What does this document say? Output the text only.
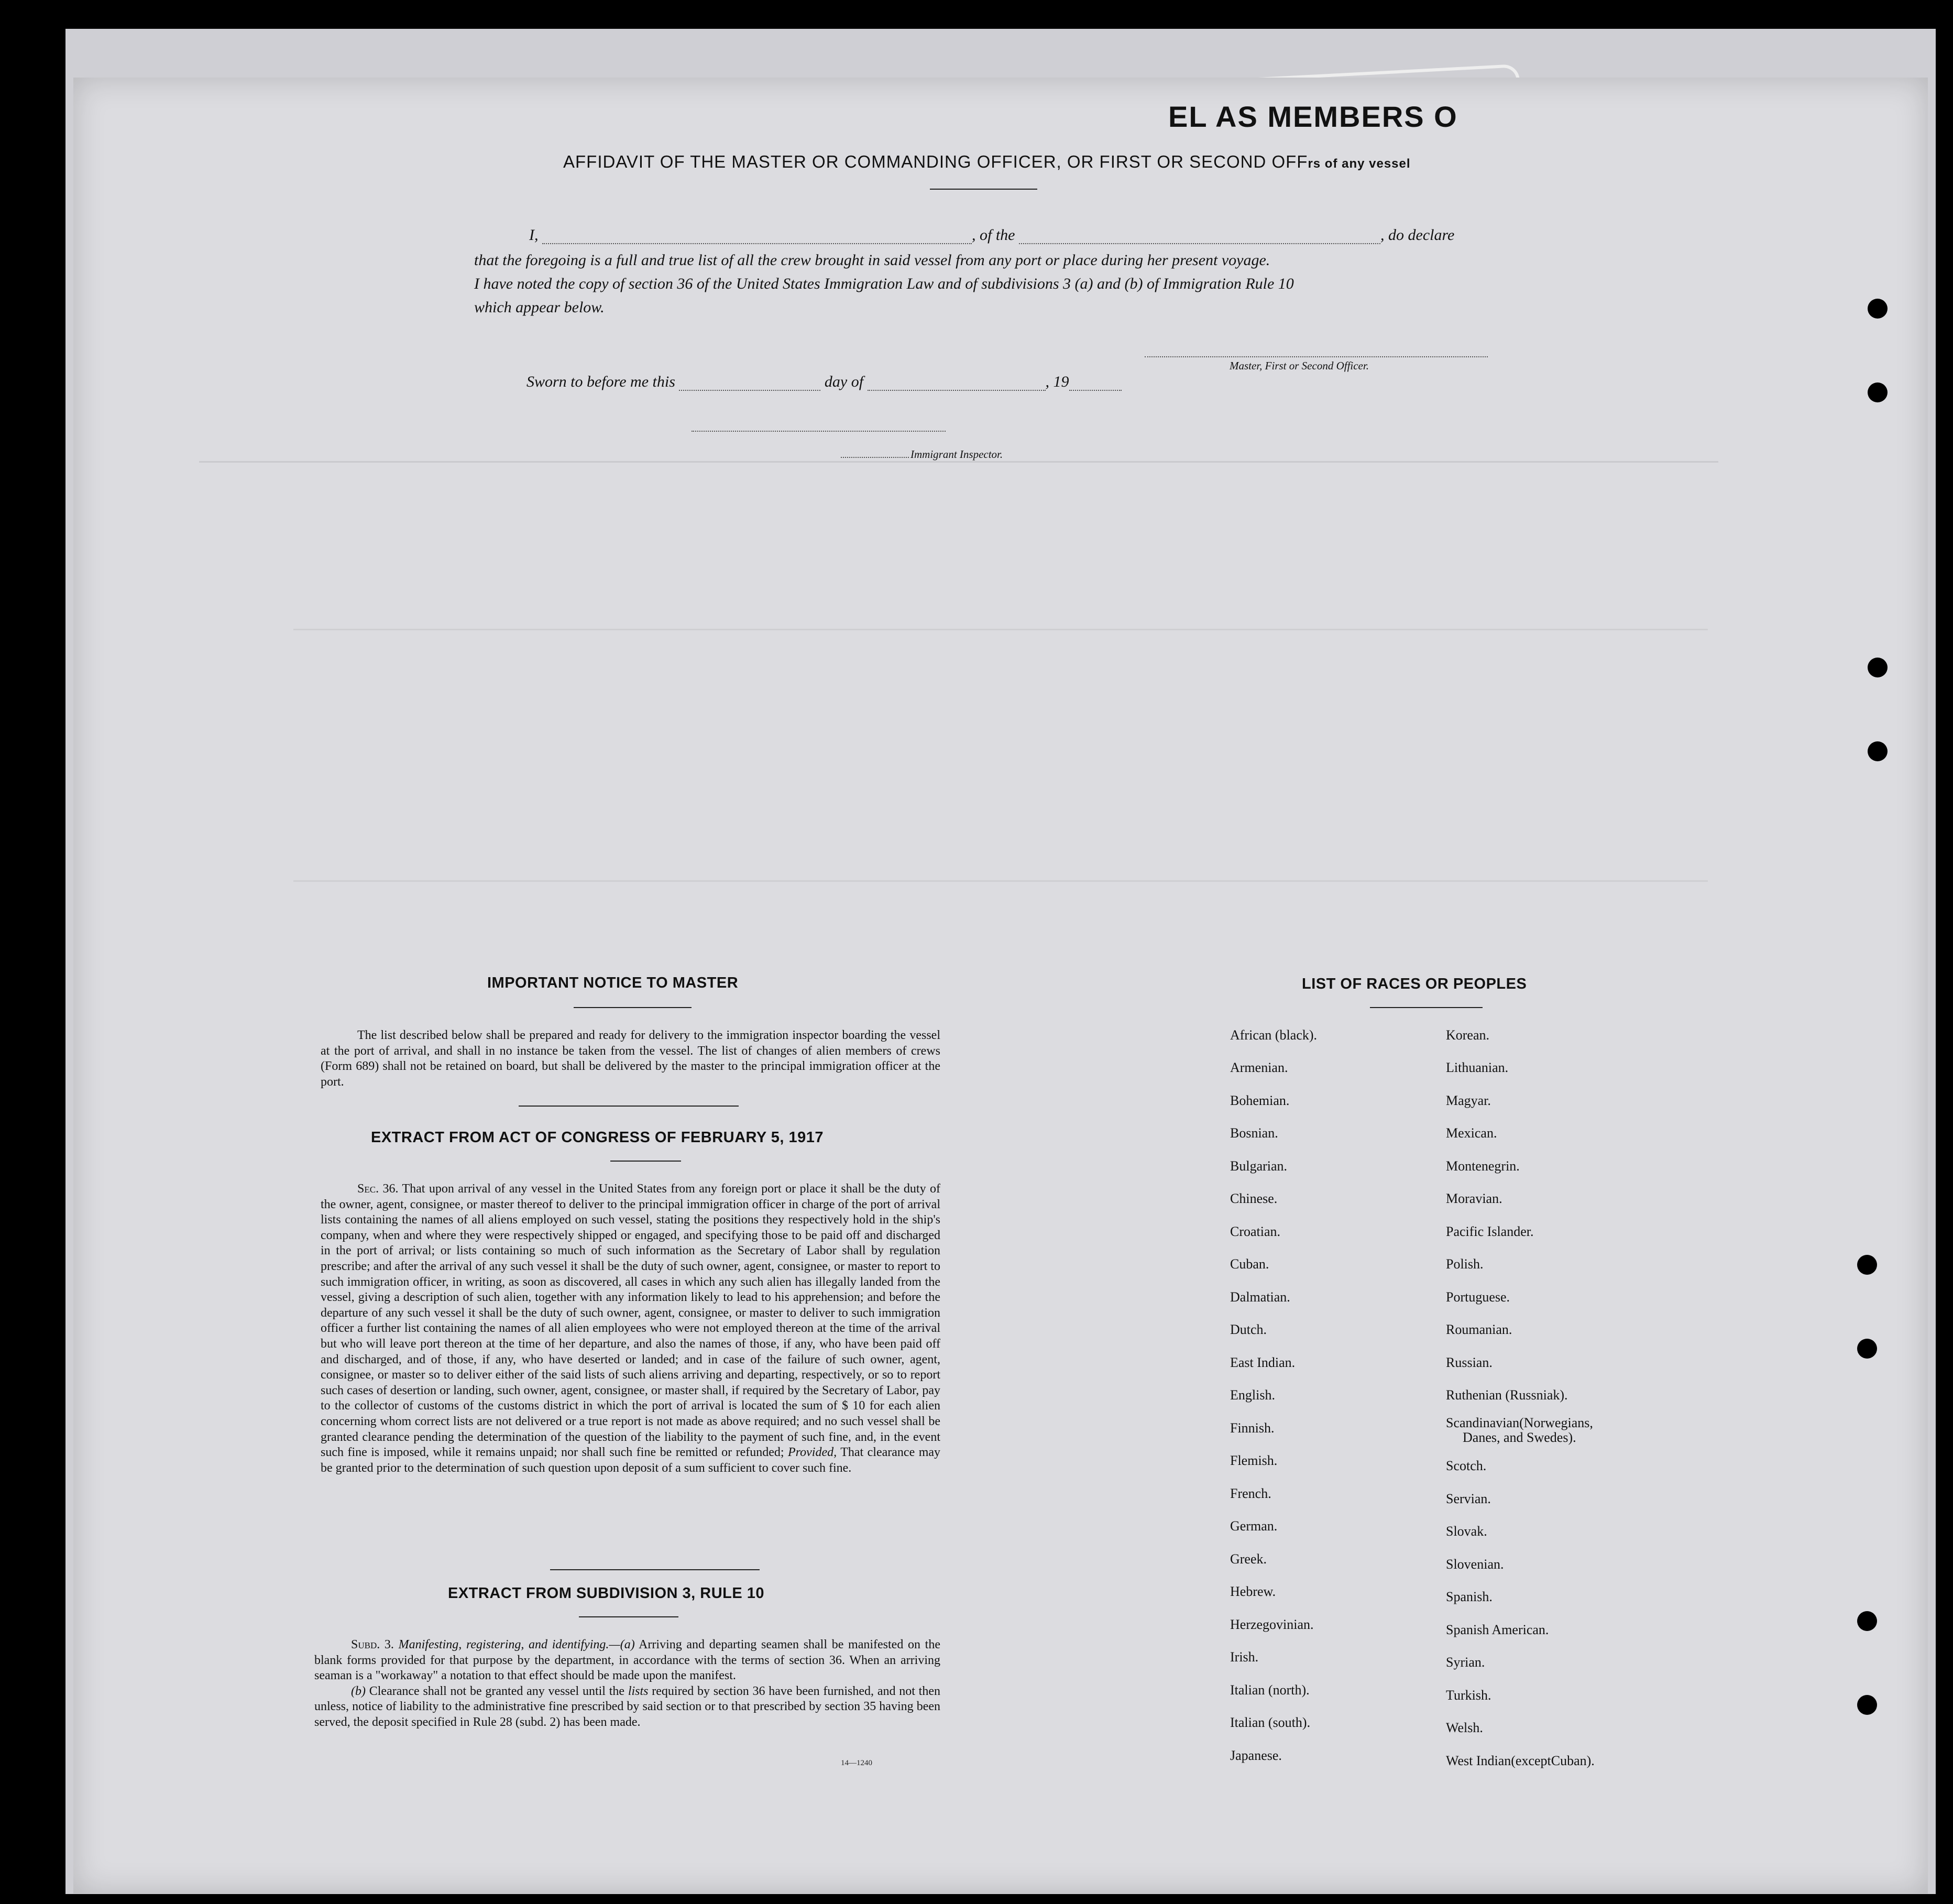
EL AS MEMBERS O
AFFIDAVIT OF THE MASTER OR COMMANDING OFFICER, OR FIRST OR SECOND OFFrs of any vessel
I,	, of the	, do declare
that the foregoing is a full and true list of all the crew brought in said vessel from any port or place during her present voyage.
I have noted the copy of section 36 of the United States Immigration Law and of subdivisions 3 (a) and (b) of Immigration Rule 10
which appear below.
Master, First or Second Officer.
Sworn to before me this	day of	, 19
Immigrant Inspector.
IMPORTANT NOTICE TO MASTER
The list described below shall be prepared and ready for delivery to the immigration inspector boarding the vessel at the port of arrival, and shall in no instance be taken from the vessel. The list of changes of alien members of crews (Form 689) shall not be retained on board, but shall be delivered by the master to the principal immigration officer at the port.
EXTRACT FROM ACT OF CONGRESS OF FEBRUARY 5, 1917
Sec. 36. That upon arrival of any vessel in the United States from any foreign port or place it shall be the duty of the owner, agent, consignee, or master thereof to deliver to the principal immigration officer in charge of the port of arrival lists containing the names of all aliens employed on such vessel, stating the positions they respectively hold in the ship's company, when and where they were respectively shipped or engaged, and specifying those to be paid off and discharged in the port of arrival; or lists containing so much of such information as the Secretary of Labor shall by regulation prescribe; and after the arrival of any such vessel it shall be the duty of such owner, agent, consignee, or master to report to such immigration officer, in writing, as soon as discovered, all cases in which any such alien has illegally landed from the vessel, giving a description of such alien, together with any information likely to lead to his apprehension; and before the departure of any such vessel it shall be the duty of such owner, agent, consignee, or master to deliver to such immigration officer a further list containing the names of all alien employees who were not employed thereon at the time of the arrival but who will leave port thereon at the time of her departure, and also the names of those, if any, who have been paid off and discharged, and of those, if any, who have deserted or landed; and in case of the failure of such owner, agent, consignee, or master so to deliver either of the said lists of such aliens arriving and departing, respectively, or so to report such cases of desertion or landing, such owner, agent, consignee, or master shall, if required by the Secretary of Labor, pay to the collector of customs of the customs district in which the port of arrival is located the sum of $ 10 for each alien concerning whom correct lists are not delivered or a true report is not made as above required; and no such vessel shall be granted clearance pending the determination of the question of the liability to the payment of such fine, and, in the event such fine is imposed, while it remains unpaid; nor shall such fine be remitted or refunded; Provided, That clearance may be granted prior to the determination of such question upon deposit of a sum sufficient to cover such fine.
EXTRACT FROM SUBDIVISION 3, RULE 10
Subd. 3. Manifesting, registering, and identifying.—(a) Arriving and departing seamen shall be manifested on the blank forms provided for that purpose by the department, in accordance with the terms of section 36. When an arriving seaman is a "workaway" a notation to that effect should be made upon the manifest.
(b) Clearance shall not be granted any vessel until the lists required by section 36 have been furnished, and not then unless, notice of liability to the administrative fine prescribed by said section or to that prescribed by section 35 having been served, the deposit specified in Rule 28 (subd. 2) has been made.
14—1240
LIST OF RACES OR PEOPLES
African (black).
Armenian.
Bohemian.
Bosnian.
Bulgarian.
Chinese.
Croatian.
Cuban.
Dalmatian.
Dutch.
East Indian.
English.
Finnish.
Flemish.
French.
German.
Greek.
Hebrew.
Herzegovinian.
Irish.
Italian (north).
Italian (south).
Japanese.
Korean.
Lithuanian.
Magyar.
Mexican.
Montenegrin.
Moravian.
Pacific Islander.
Polish.
Portuguese.
Roumanian.
Russian.
Ruthenian (Russniak).
Scandinavian(Norwegians,
Danes, and Swedes).
Scotch.
Servian.
Slovak.
Slovenian.
Spanish.
Spanish American.
Syrian.
Turkish.
Welsh.
West Indian(exceptCuban).
